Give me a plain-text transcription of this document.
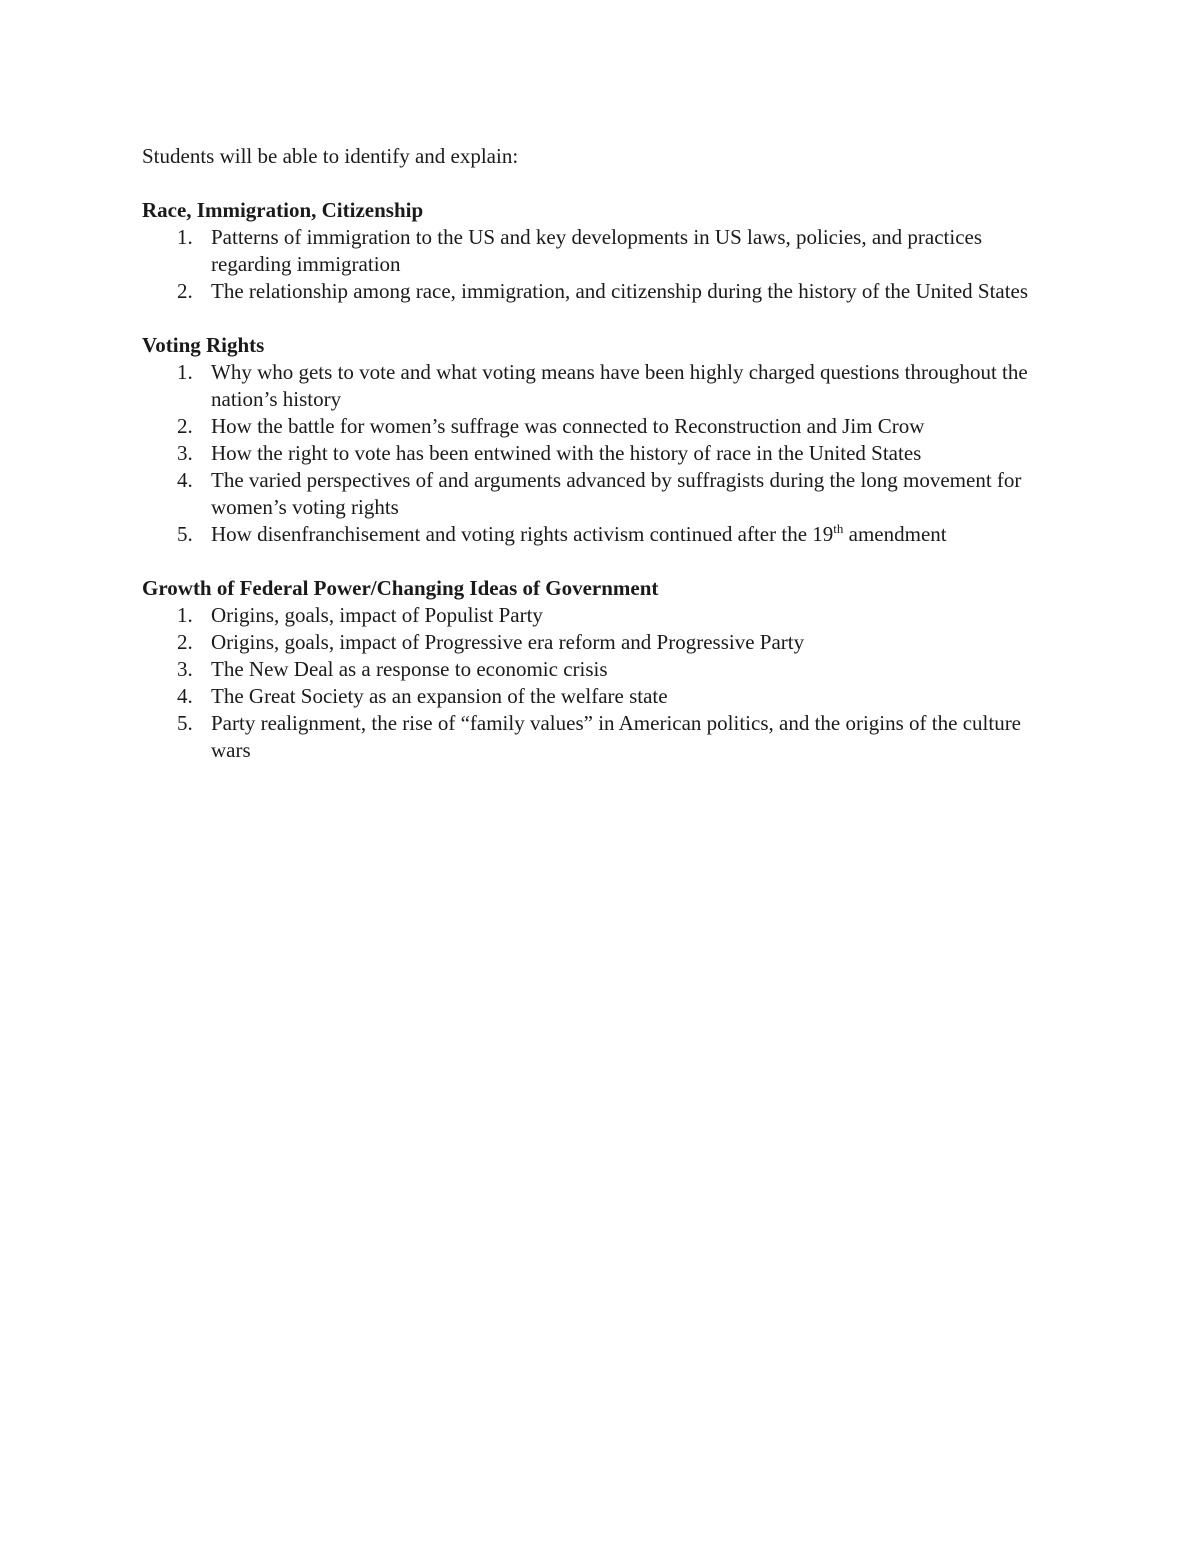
Students will be able to identify and explain:

Race, Immigration, Citizenship

1. Patterns of immigration to the US and key developments in US laws, policies, and practices regarding immigration
2. The relationship among race, immigration, and citizenship during the history of the United States

Voting Rights

1. Why who gets to vote and what voting means have been highly charged questions throughout the nation’s history
2. How the battle for women’s suffrage was connected to Reconstruction and Jim Crow
3. How the right to vote has been entwined with the history of race in the United States
4. The varied perspectives of and arguments advanced by suffragists during the long movement for women’s voting rights
5. How disenfranchisement and voting rights activism continued after the 19th amendment

Growth of Federal Power/Changing Ideas of Government

1. Origins, goals, impact of Populist Party
2. Origins, goals, impact of Progressive era reform and Progressive Party
3. The New Deal as a response to economic crisis
4. The Great Society as an expansion of the welfare state
5. Party realignment, the rise of “family values” in American politics, and the origins of the culture wars
